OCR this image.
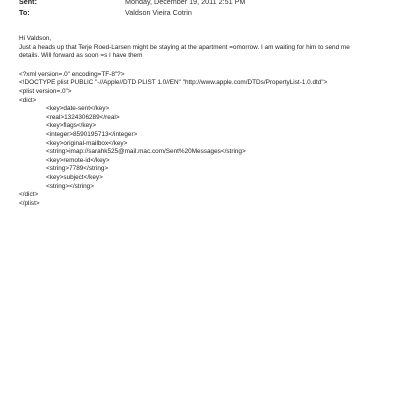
Sent:	Monday, December 19, 2011 2:51 PM
To:	Valdson Vieira Cotrin

Hi Valdson,

Just a heads up that Terje Roed-Larsen might be staying at the apartment =omorrow. I am waiting for him to send me

details. Will forward as soon =s I have them

<?xml version=.0" encoding=TF-8"?>

<!DOCTYPE plist PUBLIC "-//Apple//DTD PLIST 1.0//EN" "http://www.apple.com/DTDs/PropertyList-1.0.dtd">

<plist version=.0">

<dict>

<key>date-sent</key>

<real>1324306289</real>

<key>flags</key>

<integer>8590195713</integer>

<key>original-mailbox</key>

<string>imap://sarahk525@mail.mac.com/Sent%20Messages</string>

<key>remote-id</key>

<string>7789</string>

<key>subject</key>

<string></string>

</dict>

</plist>
